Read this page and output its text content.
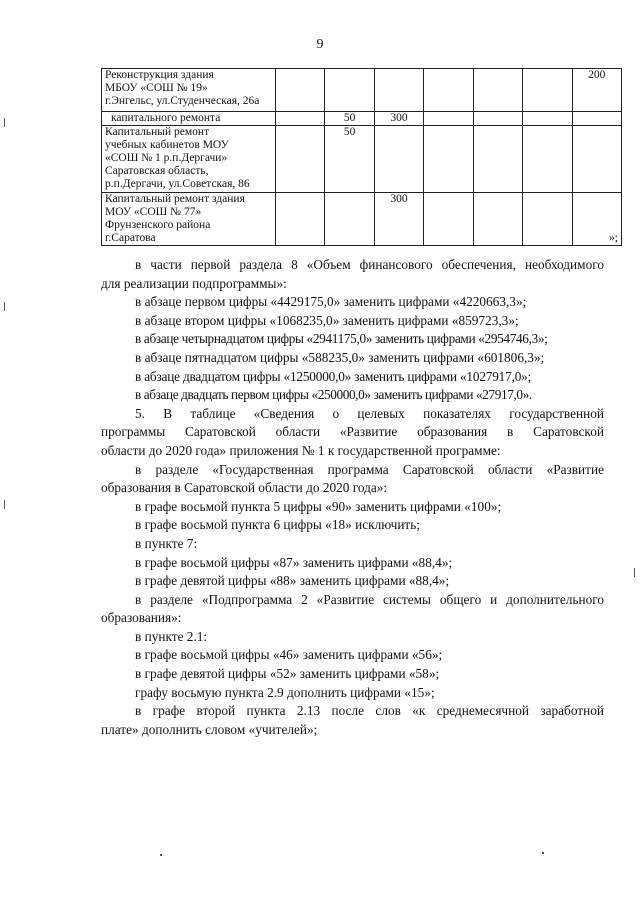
9
Реконструкция здания
МБОУ «СОШ № 19»
г.Энгельс, ул.Студенческая, 26а							200

капитального ремонта		50	300				

Капитальный ремонт
учебных кабинетов МОУ
«СОШ № 1 р.п.Дергачи»
Саратовская область,
р.п.Дергачи, ул.Советская, 86		50					

Капитальный ремонт здания
МОУ «СОШ № 77»
Фрунзенского района
г.Саратова			300				»;

в части первой раздела 8 «Объем финансового обеспечения, необходимого

для реализации подпрограммы»:

в абзаце первом цифры «4429175,0» заменить цифрами «4220663,3»;

в абзаце втором цифры «1068235,0» заменить цифрами «859723,3»;

в абзаце четырнадцатом цифры «2941175,0» заменить цифрами «2954746,3»;

в абзаце пятнадцатом цифры «588235,0» заменить цифрами «601806,3»;

в абзаце двадцатом цифры «1250000,0» заменить цифрами «1027917,0»;

в абзаце двадцать первом цифры «250000,0» заменить цифрами «27917,0».

5. В таблице «Сведения о целевых показателях государственной

программы Саратовской области «Развитие образования в Саратовской

области до 2020 года» приложения № 1 к государственной программе:

в разделе «Государственная программа Саратовской области «Развитие

образования в Саратовской области до 2020 года»:

в графе восьмой пункта 5 цифры «90» заменить цифрами «100»;

в графе восьмой пункта 6 цифры «18» исключить;

в пункте 7:

в графе восьмой цифры «87» заменить цифрами «88,4»;

в графе девятой цифры «88» заменить цифрами «88,4»;

в разделе «Подпрограмма 2 «Развитие системы общего и дополнительного

образования»:

в пункте 2.1:

в графе восьмой цифры «46» заменить цифрами «56»;

в графе девятой цифры «52» заменить цифрами «58»;

графу восьмую пункта 2.9 дополнить цифрами «15»;

в графе второй пункта 2.13 после слов «к среднемесячной заработной

плате» дополнить словом «учителей»;
